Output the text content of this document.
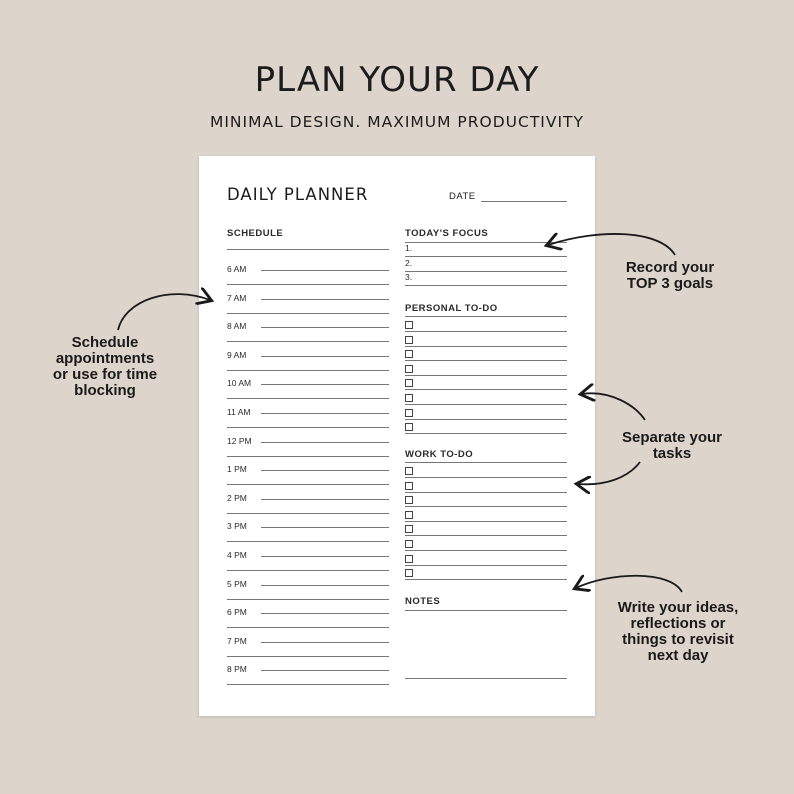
PLAN YOUR DAY
MINIMAL DESIGN. MAXIMUM PRODUCTIVITY
DAILY PLANNER	DATE
SCHEDULE	TODAY'S FOCUS
PERSONAL TO-DO
WORK TO-DO
NOTES
6 AM
7 AM
8 AM
9 AM
10 AM
11 AM
12 PM
1 PM
2 PM
3 PM
4 PM
5 PM
6 PM
7 PM
8 PM
1.
2.
3.
Schedule
appointments
or use for time
blocking
Record your
TOP 3 goals
Separate your
tasks
Write your ideas,
reflections or
things to revisit
next day
